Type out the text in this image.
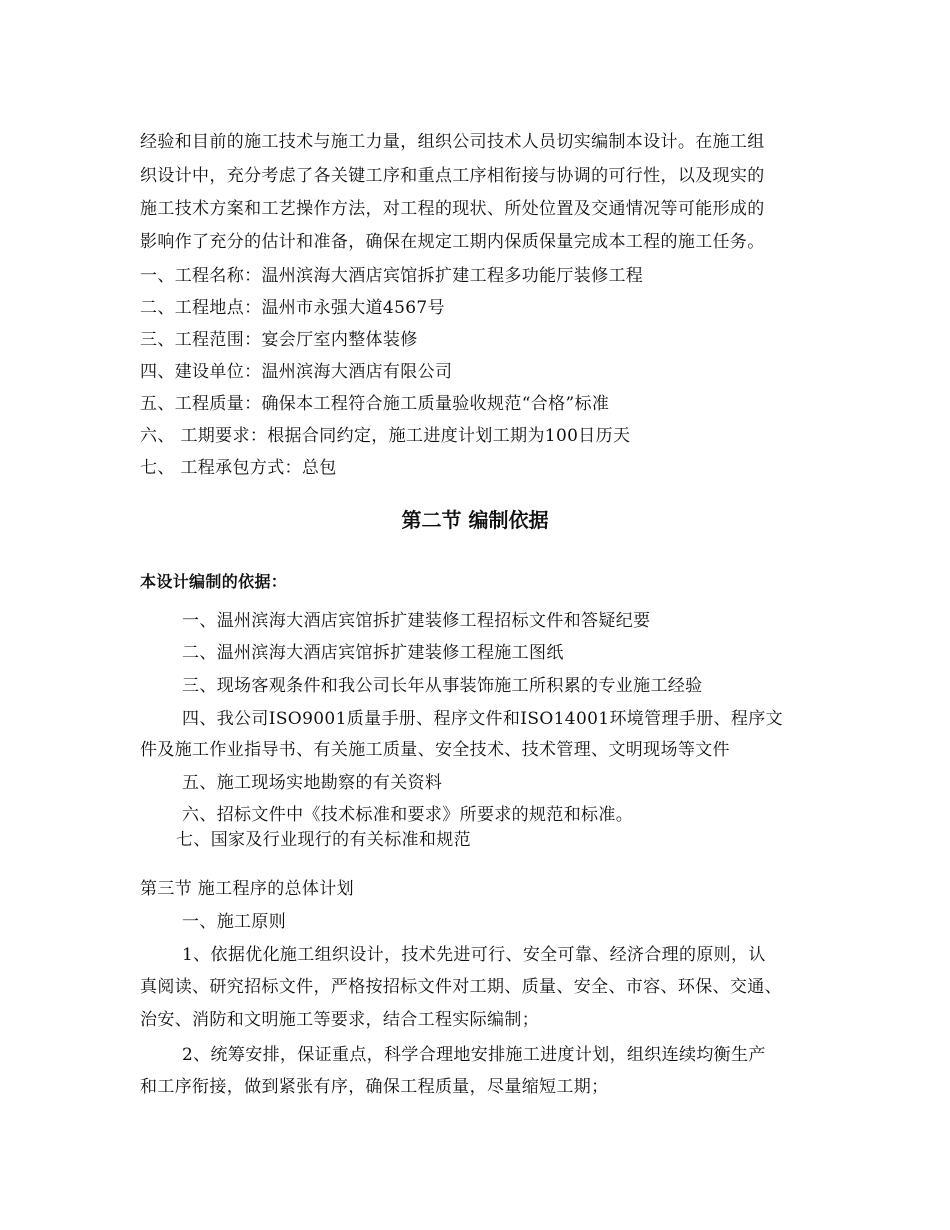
经验和目前的施工技术与施工力量，组织公司技术人员切实编制本设计。在施工组

织设计中，充分考虑了各关键工序和重点工序相衔接与协调的可行性，以及现实的

施工技术方案和工艺操作方法，对工程的现状、所处位置及交通情况等可能形成的

影响作了充分的估计和准备，确保在规定工期内保质保量完成本工程的施工任务。

一、工程名称：温州滨海大酒店宾馆拆扩建工程多功能厅装修工程

二、工程地点：温州市永强大道4567号

三、工程范围：宴会厅室内整体装修

四、建设单位：温州滨海大酒店有限公司

五、工程质量：确保本工程符合施工质量验收规范“合格”标准

六、 工期要求：根据合同约定，施工进度计划工期为100日历天

七、 工程承包方式：总包

第二节 编制依据

本设计编制的依据：

一、温州滨海大酒店宾馆拆扩建装修工程招标文件和答疑纪要

二、温州滨海大酒店宾馆拆扩建装修工程施工图纸

三、现场客观条件和我公司长年从事装饰施工所积累的专业施工经验

四、我公司ISO9001质量手册、程序文件和ISO14001环境管理手册、程序文

件及施工作业指导书、有关施工质量、安全技术、技术管理、文明现场等文件

五、施工现场实地勘察的有关资料

六、招标文件中《技术标准和要求》所要求的规范和标准。

七、国家及行业现行的有关标准和规范

第三节 施工程序的总体计划

一、施工原则

1、依据优化施工组织设计，技术先进可行、安全可靠、经济合理的原则，认

真阅读、研究招标文件，严格按招标文件对工期、质量、安全、市容、环保、交通、

治安、消防和文明施工等要求，结合工程实际编制；

2、统筹安排，保证重点，科学合理地安排施工进度计划，组织连续均衡生产

和工序衔接，做到紧张有序，确保工程质量，尽量缩短工期；
